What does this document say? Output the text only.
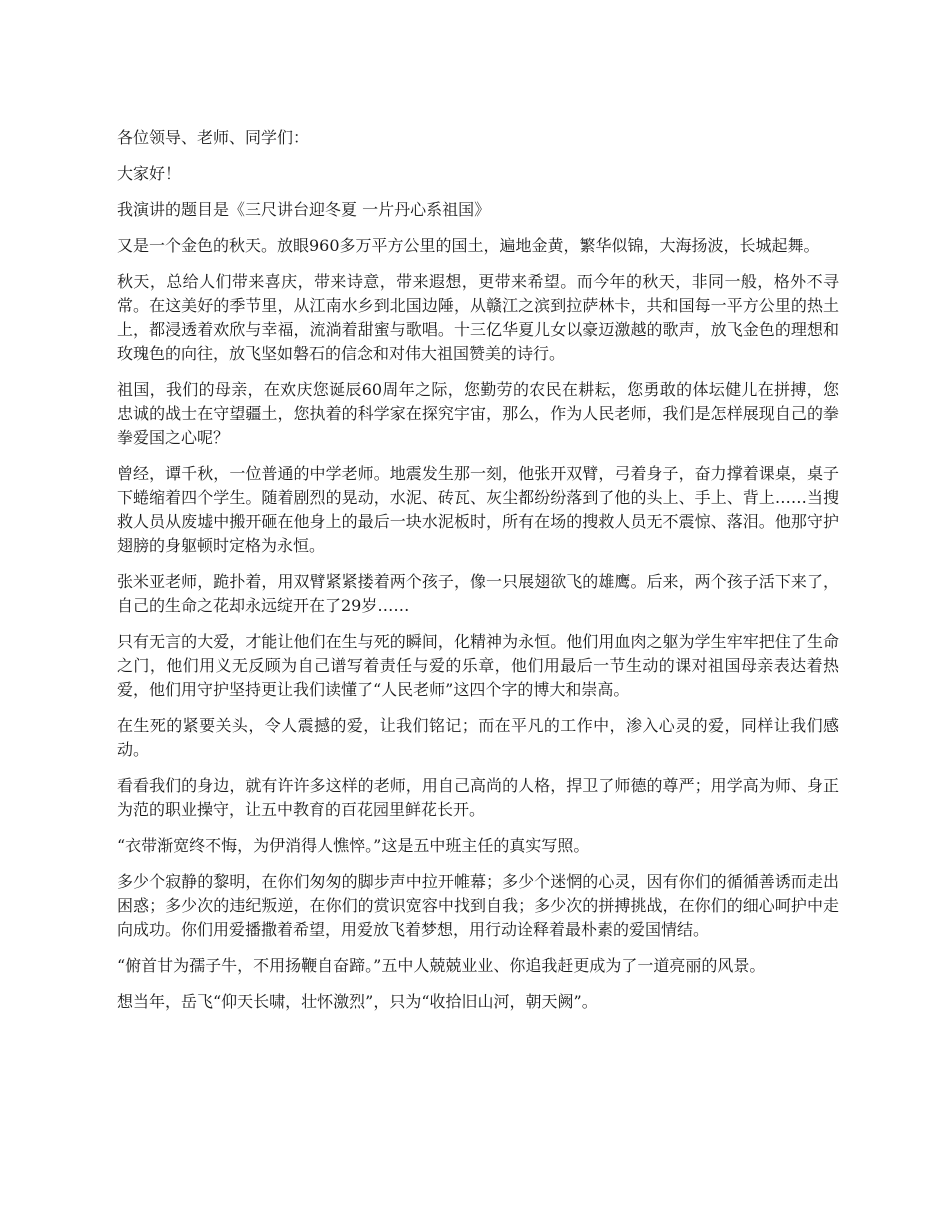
各位领导、老师、同学们：

大家好！

我演讲的题目是《三尺讲台迎冬夏 一片丹心系祖国》

又是一个金色的秋天。放眼960多万平方公里的国土，遍地金黄，繁华似锦，大海扬波，长城起舞。

秋天，总给人们带来喜庆，带来诗意，带来遐想，更带来希望。而今年的秋天，非同一般，格外不寻常。在这美好的季节里，从江南水乡到北国边陲，从赣江之滨到拉萨林卡，共和国每一平方公里的热土上，都浸透着欢欣与幸福，流淌着甜蜜与歌唱。十三亿华夏儿女以豪迈激越的歌声，放飞金色的理想和玫瑰色的向往，放飞坚如磐石的信念和对伟大祖国赞美的诗行。

祖国，我们的母亲，在欢庆您诞辰60周年之际，您勤劳的农民在耕耘，您勇敢的体坛健儿在拼搏，您忠诚的战士在守望疆土，您执着的科学家在探究宇宙，那么，作为人民老师，我们是怎样展现自己的拳拳爱国之心呢？

曾经，谭千秋，一位普通的中学老师。地震发生那一刻，他张开双臂，弓着身子，奋力撑着课桌，桌子下蜷缩着四个学生。随着剧烈的晃动，水泥、砖瓦、灰尘都纷纷落到了他的头上、手上、背上……当搜救人员从废墟中搬开砸在他身上的最后一块水泥板时，所有在场的搜救人员无不震惊、落泪。他那守护翅膀的身躯顿时定格为永恒。

张米亚老师，跪扑着，用双臂紧紧搂着两个孩子，像一只展翅欲飞的雄鹰。后来，两个孩子活下来了，自己的生命之花却永远绽开在了29岁……

只有无言的大爱，才能让他们在生与死的瞬间，化精神为永恒。他们用血肉之躯为学生牢牢把住了生命之门，他们用义无反顾为自己谱写着责任与爱的乐章，他们用最后一节生动的课对祖国母亲表达着热爱，他们用守护坚持更让我们读懂了“人民老师”这四个字的博大和崇高。

在生死的紧要关头，令人震撼的爱，让我们铭记；而在平凡的工作中，渗入心灵的爱，同样让我们感动。

看看我们的身边，就有许许多这样的老师，用自己高尚的人格，捍卫了师德的尊严；用学高为师、身正为范的职业操守，让五中教育的百花园里鲜花长开。

“衣带渐宽终不悔，为伊消得人憔悴。”这是五中班主任的真实写照。

多少个寂静的黎明，在你们匆匆的脚步声中拉开帷幕；多少个迷惘的心灵，因有你们的循循善诱而走出困惑；多少次的违纪叛逆，在你们的赏识宽容中找到自我；多少次的拼搏挑战，在你们的细心呵护中走向成功。你们用爱播撒着希望，用爱放飞着梦想，用行动诠释着最朴素的爱国情结。

“俯首甘为孺子牛，不用扬鞭自奋蹄。”五中人兢兢业业、你追我赶更成为了一道亮丽的风景。

想当年，岳飞“仰天长啸，壮怀激烈”，只为“收拾旧山河，朝天阙”。
